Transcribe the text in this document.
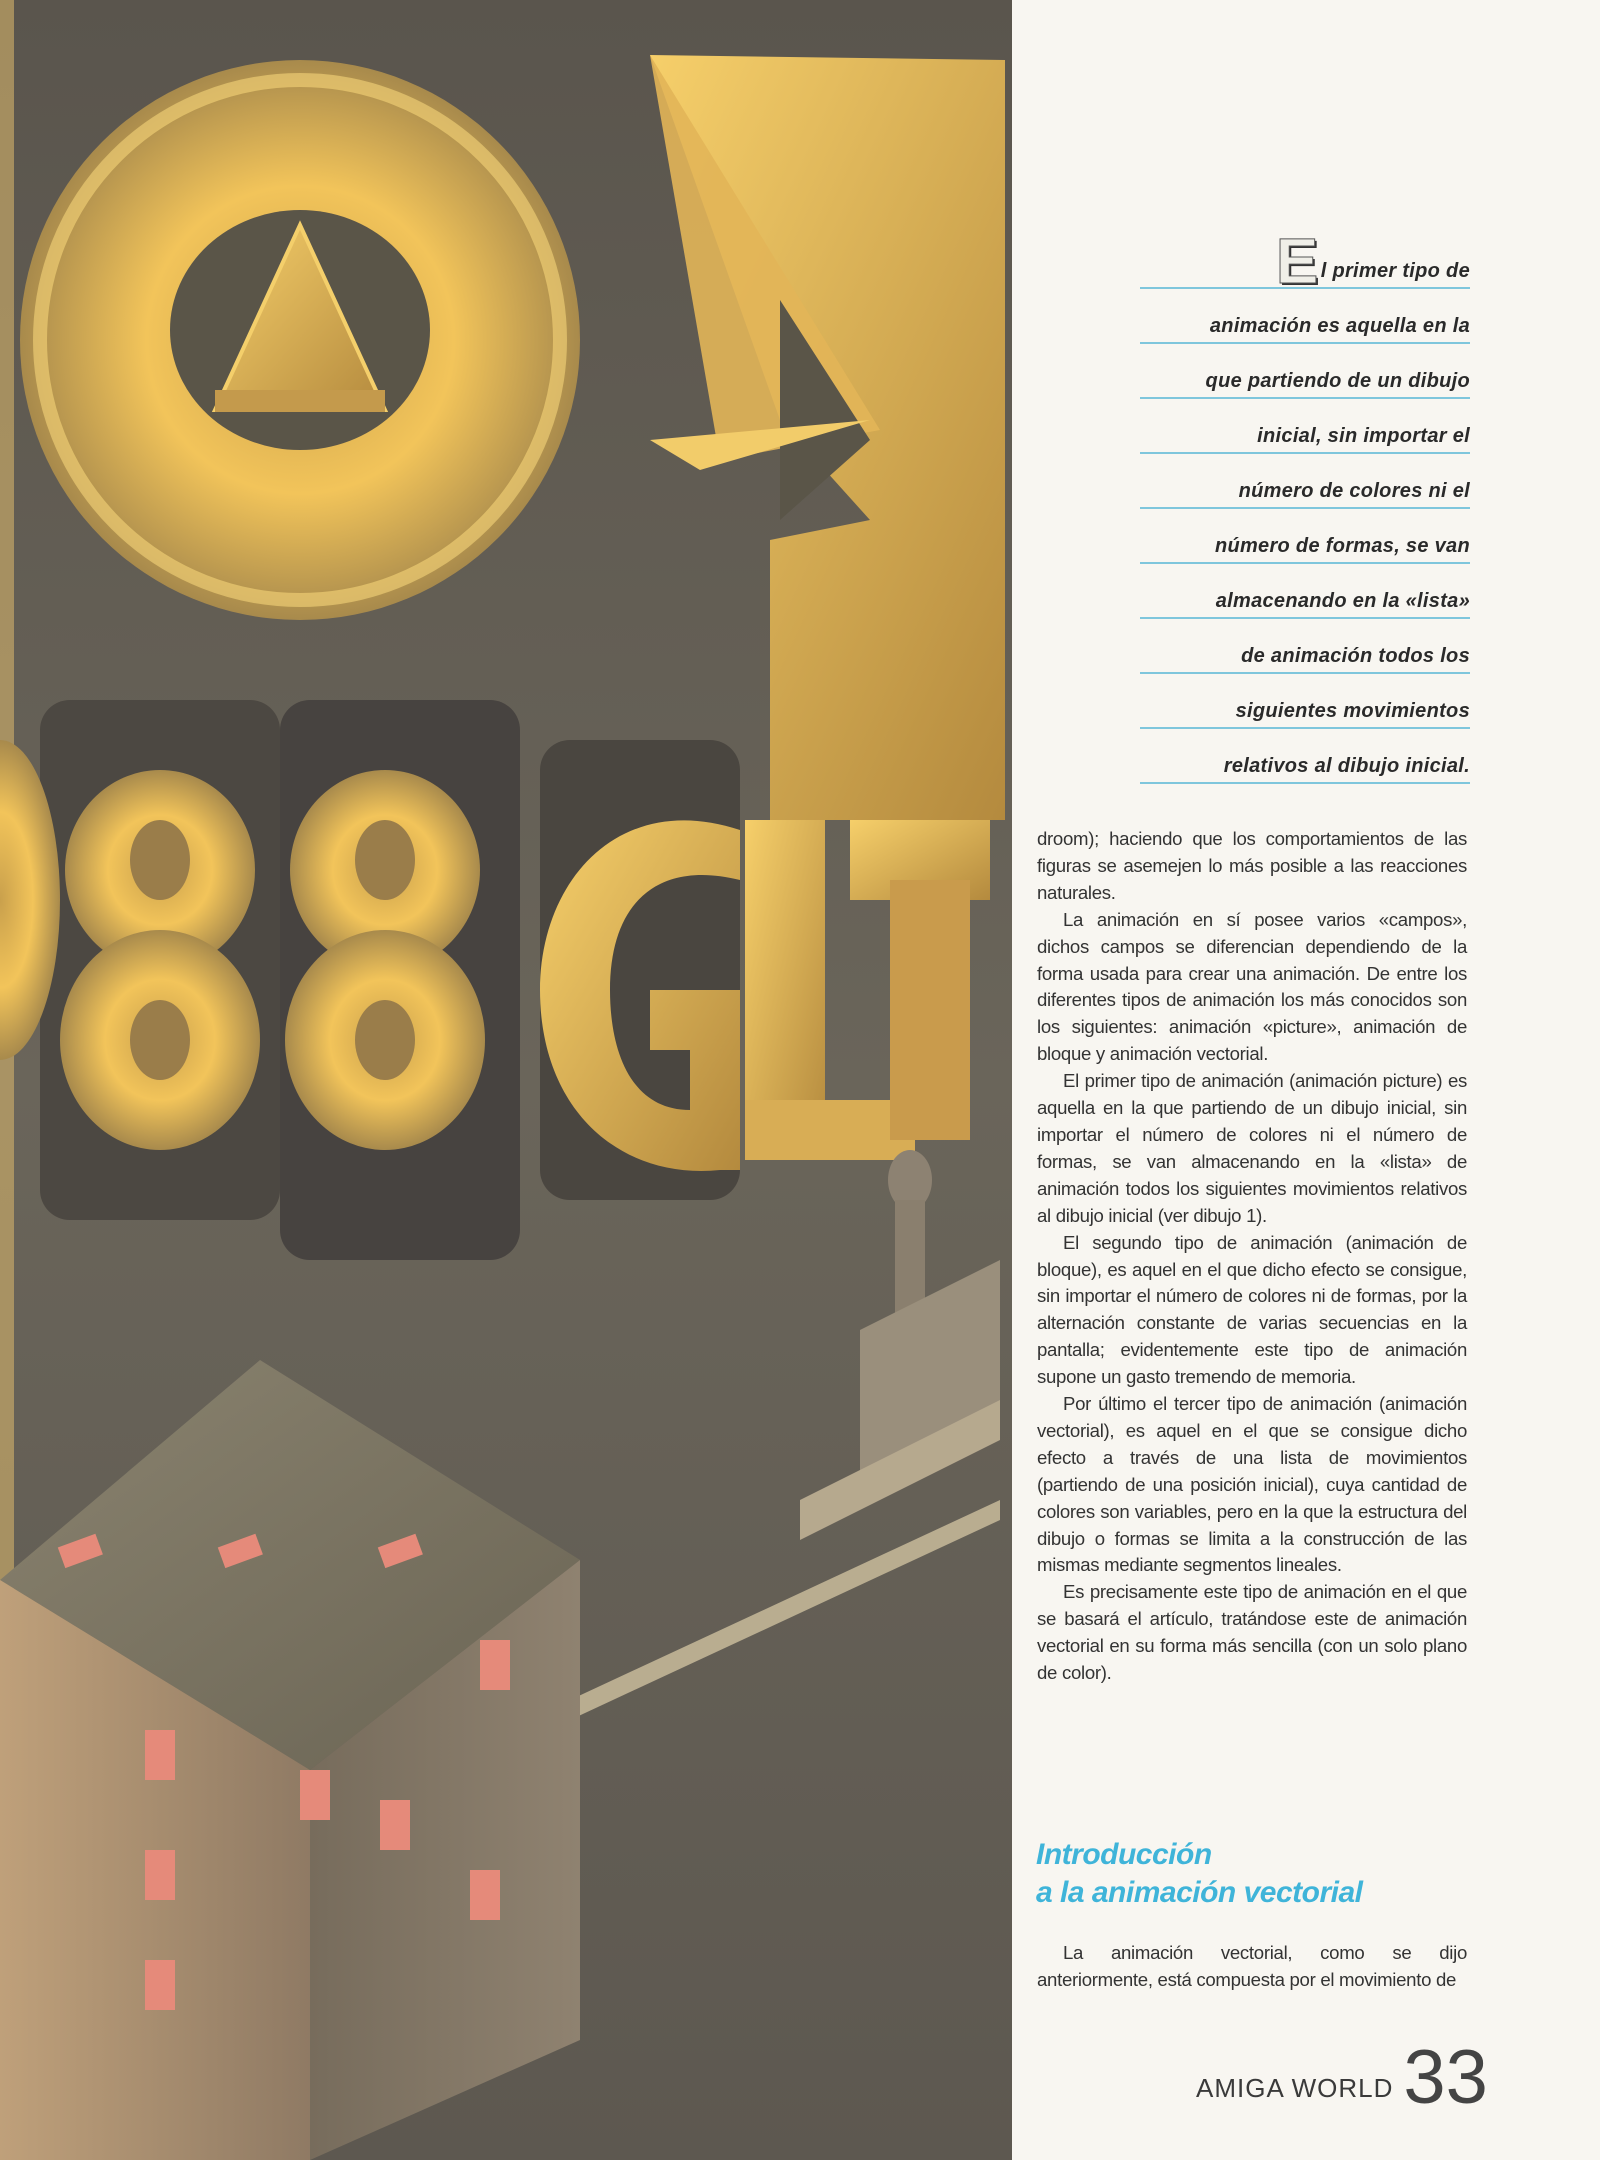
El primer tipo de
animación es aquella en la
que partiendo de un dibujo
inicial, sin importar el
número de colores ni el
número de formas, se van
almacenando en la «lista»
de animación todos los
siguientes movimientos
relativos al dibujo inicial.

droom); haciendo que los comportamientos de las figuras se asemejen lo más posible a las reacciones naturales.

La animación en sí posee varios «campos», dichos campos se diferencian dependiendo de la forma usada para crear una animación. De entre los diferentes tipos de animación los más conocidos son los siguientes: animación «picture», animación de bloque y animación vectorial.

El primer tipo de animación (animación picture) es aquella en la que partiendo de un dibujo inicial, sin importar el número de colores ni el número de formas, se van almacenando en la «lista» de animación todos los siguientes movimientos relativos al dibujo inicial (ver dibujo 1).

El segundo tipo de animación (animación de bloque), es aquel en el que dicho efecto se consigue, sin importar el número de colores ni de formas, por la alternación constante de varias secuencias en la pantalla; evidentemente este tipo de animación supone un gasto tremendo de memoria.

Por último el tercer tipo de animación (animación vectorial), es aquel en el que se consigue dicho efecto a través de una lista de movimientos (partiendo de una posición inicial), cuya cantidad de colores son variables, pero en la que la estructura del dibujo o formas se limita a la construcción de las mismas mediante segmentos lineales.

Es precisamente este tipo de animación en el que se basará el artículo, tratándose este de animación vectorial en su forma más sencilla (con un solo plano de color).

Introducción
a la animación vectorial

La animación vectorial, como se dijo anteriormente, está compuesta por el movimiento de

AMIGA WORLD 33
